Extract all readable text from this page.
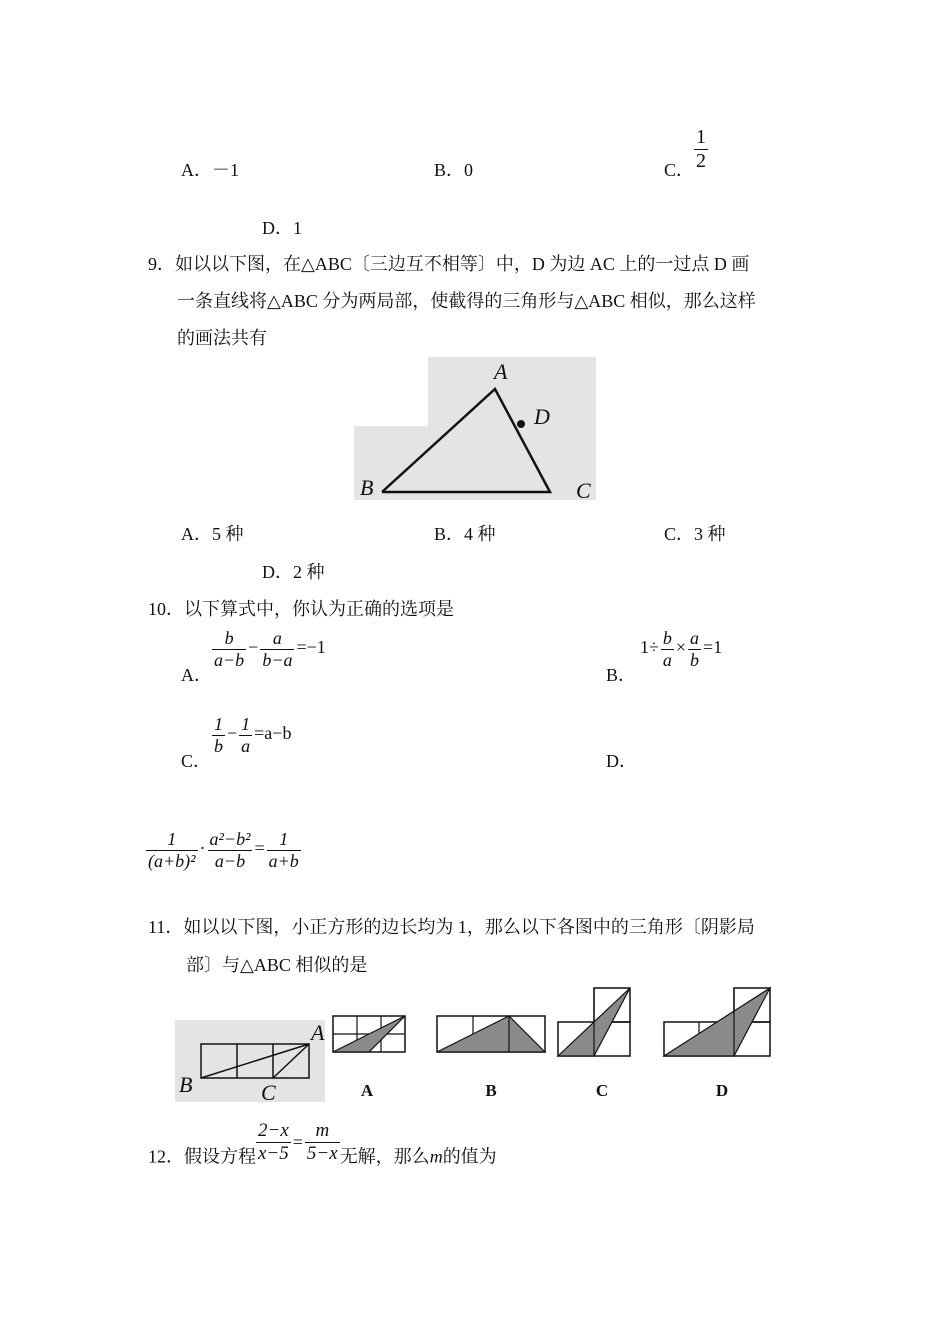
A．－1	B．0	C． $\frac{1}{2}$
D．1
9．如以以下图，在△ABC〔三边互不相等〕中，D 为边 AC 上的一过点 D 画
一条直线将△ABC 分为两局部，使截得的三角形与△ABC 相似，那么这样
的画法共有
A
B	C
D
A．5 种	B．4 种	C．3 种
D．2 种
10．以下算式中，你认为正确的选项是
A．
$\frac{b}{a-b} - \frac{a}{b-a} =-1$
B．
$1\div \frac{b}{a} \times \frac{a}{b} =1$
C．
$\frac{1}{b} - \frac{1}{a} =a-b$
D．
$\frac{1}{\text{(a+b)²}} \cdot \frac{\text{a²−b²}}{a-b} = \frac{1}{a+b}$
11．如以以下图，小正方形的边长均为 1，那么以下各图中的三角形〔阴影局
部〕与△ABC 相似的是
A
B	C	A	B	C	D
12．假设方程 $\frac{2-x}{x-5} = \frac{m}{5-x}$ 无解，那么m的值为
